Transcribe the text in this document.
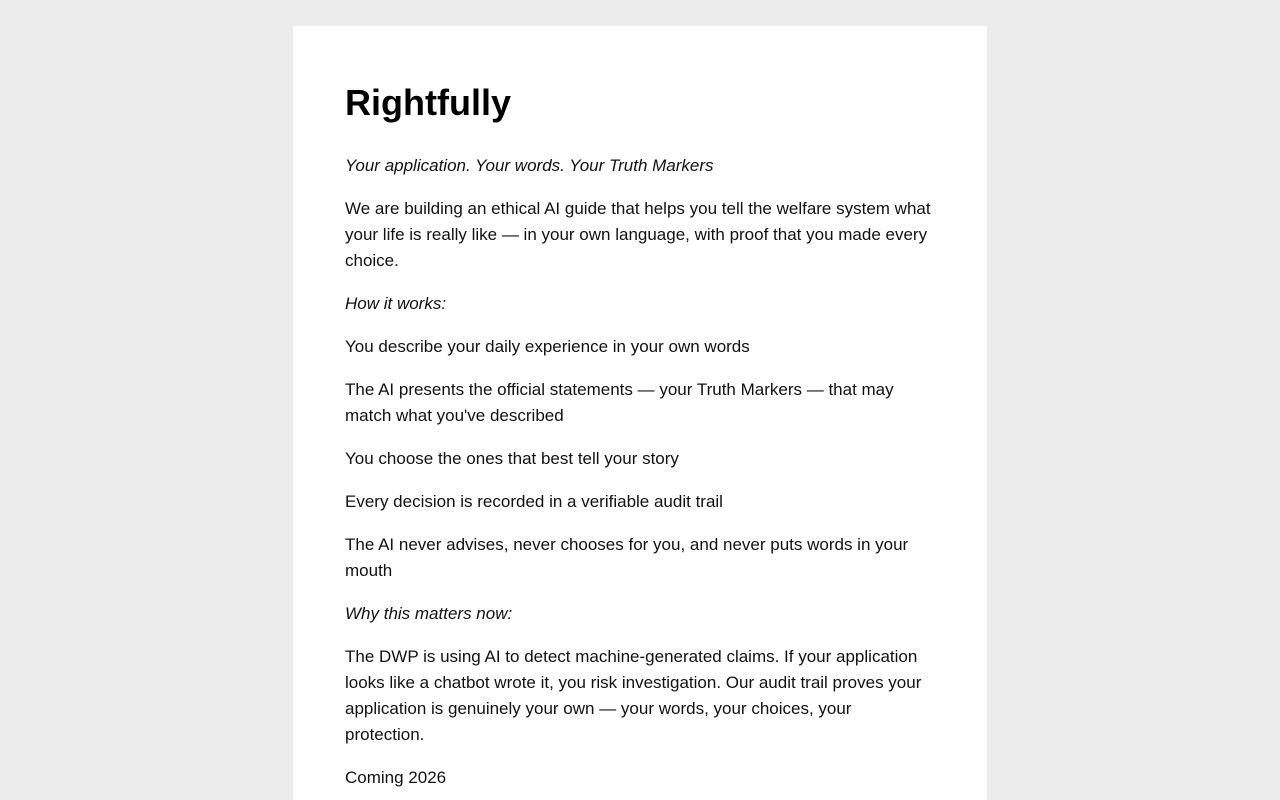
Rightfully

Your application. Your words. Your Truth Markers

We are building an ethical AI guide that helps you tell the welfare system what your life is really like — in your own language, with proof that you made every choice.

How it works:

You describe your daily experience in your own words

The AI presents the official statements — your Truth Markers — that may match what you've described

You choose the ones that best tell your story

Every decision is recorded in a verifiable audit trail

The AI never advises, never chooses for you, and never puts words in your mouth

Why this matters now:

The DWP is using AI to detect machine-generated claims. If your application looks like a chatbot wrote it, you risk investigation. Our audit trail proves your application is genuinely your own — your words, your choices, your protection.

Coming 2026
